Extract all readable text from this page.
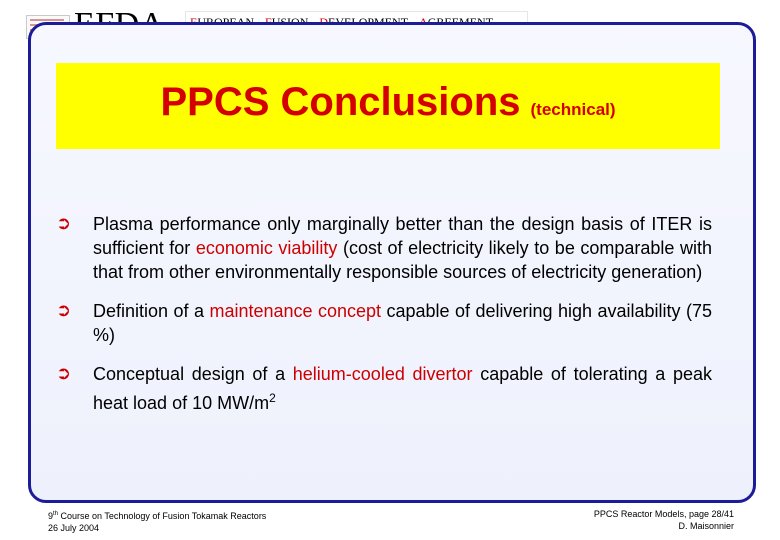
PPCS Conclusions (technical)
➲ Plasma performance only marginally better than the design basis of ITER is sufficient for economic viability (cost of electricity likely to be comparable with that from other environmentally responsible sources of electricity generation)

➲ Definition of a maintenance concept capable of delivering high availability (75 %)

➲ Conceptual design of a helium-cooled divertor capable of tolerating a peak heat load of 10 $MW/m^2$

9th Course on Technology of Fusion Tokamak Reactors
26 July 2004
PPCS Reactor Models, page 28/41
D. Maisonnier
